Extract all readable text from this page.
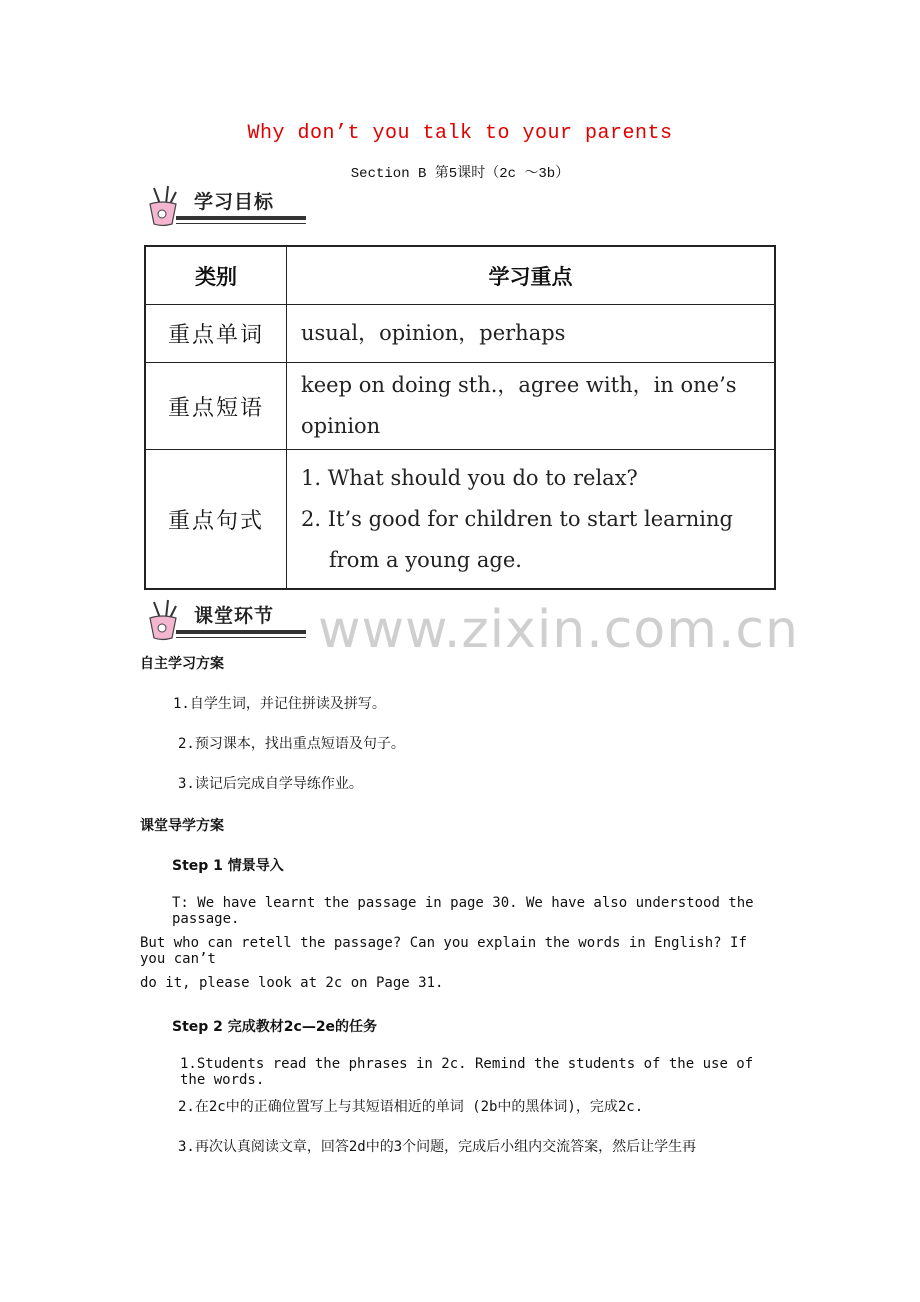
Why don’t you talk to your parents
Section B 第5课时（2c ～3b）
学习目标
类别	学习重点
重点单词	usual，opinion，perhaps
重点短语	keep on doing sth.，agree with，in one’s opinion
重点句式	1. What should you do to relax?
2. It’s good for children to start learning from a young age.
www.zixin.com.cn
课堂环节
自主学习方案
1.自学生词，并记住拼读及拼写。
2.预习课本，找出重点短语及句子。
3.读记后完成自学导练作业。
课堂导学方案
Step 1 情景导入
T: We have learnt the passage in page 30. We have also understood the passage.
But who can retell the passage? Can you explain the words in English? If you can’t
do it, please look at 2c on Page 31.
Step 2 完成教材2c—2e的任务
1.Students read the phrases in 2c. Remind the students of the use of the words.
2.在2c中的正确位置写上与其短语相近的单词 (2b中的黑体词)，完成2c.
3.再次认真阅读文章，回答2d中的3个问题，完成后小组内交流答案，然后让学生再
